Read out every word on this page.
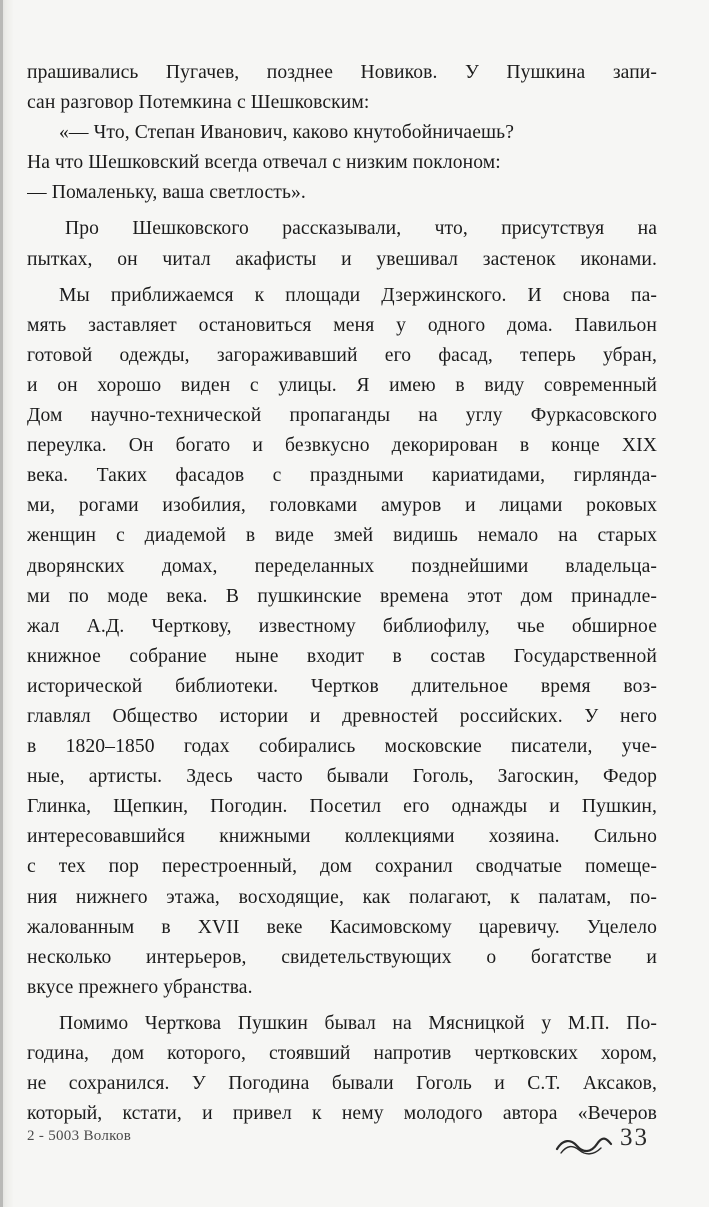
прашивались Пугачев, позднее Новиков. У Пушкина запи-
сан разговор Потемкина с Шешковским:
«— Что, Степан Иванович, каково кнутобойничаешь?
На что Шешковский всегда отвечал с низким поклоном:
— Помаленьку, ваша светлость».
Про Шешковского рассказывали, что, присутствуя на
пытках, он читал акафисты и увешивал застенок иконами.
Мы приближаемся к площади Дзержинского. И снова па-
мять заставляет остановиться меня у одного дома. Павильон
готовой одежды, загораживавший его фасад, теперь убран,
и он хорошо виден с улицы. Я имею в виду современный
Дом научно-технической пропаганды на углу Фуркасовского
переулка. Он богато и безвкусно декорирован в конце XIX
века. Таких фасадов с праздными кариатидами, гирлянда-
ми, рогами изобилия, головками амуров и лицами роковых
женщин с диадемой в виде змей видишь немало на старых
дворянских домах, переделанных позднейшими владельца-
ми по моде века. В пушкинские времена этот дом принадле-
жал А.Д. Черткову, известному библиофилу, чье обширное
книжное собрание ныне входит в состав Государственной
исторической библиотеки. Чертков длительное время воз-
главлял Общество истории и древностей российских. У него
в 1820–1850 годах собирались московские писатели, уче-
ные, артисты. Здесь часто бывали Гоголь, Загоскин, Федор
Глинка, Щепкин, Погодин. Посетил его однажды и Пушкин,
интересовавшийся книжными коллекциями хозяина. Сильно
с тех пор перестроенный, дом сохранил сводчатые помеще-
ния нижнего этажа, восходящие, как полагают, к палатам, по-
жалованным в XVII веке Касимовскому царевичу. Уцелело
несколько интерьеров, свидетельствующих о богатстве и
вкусе прежнего убранства.
Помимо Черткова Пушкин бывал на Мясницкой у М.П. По-
година, дом которого, стоявший напротив чертковских хором,
не сохранился. У Погодина бывали Гоголь и С.Т. Аксаков,
который, кстати, и привел к нему молодого автора «Вечеров
2 - 5003 Волков	33
